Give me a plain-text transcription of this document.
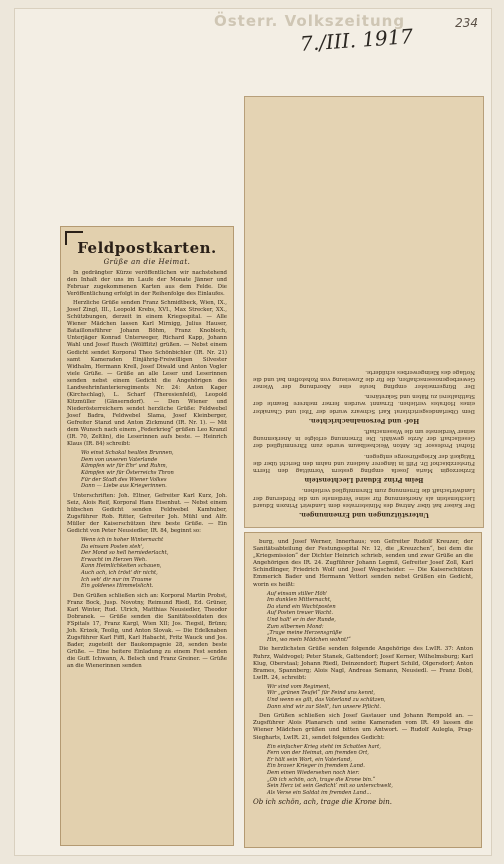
Österr. Volkszeitung	234
7./III. 1917
Unterstützungen und Ernennungen.

Der Kaiser hat über Antrag des Ministerrates dem Landwirt Prinzen Eduard Liechtenstein als Anerkennung für seine Verdienste um die Förderung der Landwirtschaft die Ernennung zum Ehrenmitglied verliehen.

Beim Prinz Eduard Liechtenstein

Erzherzogin Maria Josefa empfing gestern Vormittag den Herrn Fürsterzbischof Dr. Piffl in längerer Audienz und nahm den Bericht über die Tätigkeit der Kriegsfürsorge entgegen.

Hofrat Professor Dr. Anton Weichselbaum wurde zum Ehrenmitglied der Gesellschaft der Ärzte gewählt. Die Ernennung erfolgte in Anerkennung seiner Verdienste um die Wissenschaft.

Hof- und Personalnachrichten.

Dem Oberlandesgerichtsrat Karl Schwarz wurde der Titel und Charakter eines Hofrates verliehen. Ernannt wurden ferner mehrere Beamte der Statthalterei zu Räten und Sekretären.

Der Bürgermeister empfing heute eine Abordnung der Wiener Gewerbegenossenschaften, die für die Zuweisung von Rohstoffen bat und die Notlage des Kleingewerbes schilderte.

Feldpostkarten.
Grüße an die Heimat.

In gedrängter Kürze veröffentlichen wir nachstehend den Inhalt der uns im Laufe der Monate Jänner und Februar zugekommenen Karten aus dem Felde. Die Veröffentlichung erfolgt in der Reihenfolge des Einlaufes.

Herzliche Grüße senden Franz Schmidtbeck, Wien, IX., Josef Zingl, III., Leopold Krebs, XVI., Max Strecker, XX., Schützbungen, derzeit in einem Kriegsspital. — Alle Wiener Mädchen lassen Karl Mirnigg, Julius Hauser, Bataillonsführer Johann Böhm, Franz Knobloch, Unterjäger Konrad Unterweger, Richard Kapp, Johann Wahl und Josef Rusch (Wölfflitz) grüßen. — Nebst einem Gedicht sendet Korporal Theo Schönbichler (IR. Nr. 21) samt Kameraden Einjährig-Freiwilligen Silvester Widhalm, Hermann Krell, Josef Diwald und Anton Vogler viele Grüße. — Grüße an alle Leser und Leserinnen senden nebst einem Gedicht die Angehörigen des Landwehrinfanterieregiments Nr. 24: Anton Kager (Kirchschlag), L. Scharf (Theresienfeld), Leopold Kitzmüller (Gänserndorf). — Den Wiener und Niederösterreichern sendet herzliche Grüße: Feldwebel Josef Badra, Feldwebel Slama, Josef Kleinberger, Gefreiter Stanzl und Anton Zickmund (IR. Nr. 1). — Mit dem Wunsch nach einem „Federkrieg“ grüßen Leo Kranzl (IR. 70, Zeltlin), die Leserinnen aufs beste. — Heinrich Klaus (IR. 84) schreibt:

Wo einst Schakal heulten Brunnen,
Dem von unseren Vaterlande
Kämpfen wir für Ehr' und Ruhm,
Kämpfen wir für Österreichs Thron
Für der Stadt des Wiener Volkes
Dann — Liebe aus Kriegerinnen.

Unterschriften: Joh. Eltner, Gefreiter Karl Kurz, Joh. Seiz, Alois Reif, Korporal Hans Eisenhut. — Nebst einem hübschen Gedicht senden Feldwebel Kamhuber, Zugsführer Rob. Ritter, Gefreiter Joh. Mühl und Alfr. Müller der Kaiserschützen ihre beste Grüße. — Ein Gedicht von Peter Neusiedler, IR. 84, beginnt so:

Wenn ich in hoher Winternacht
Da einsam Posten steh',
Der Mond so hell herniederlacht,
Erwacht im Herzen Weh.
Kann Heimlichkeiten schauen,
Auch ach, ich tröst' dir nicht,
Ich seh' dir nur im Traume
Ein goldenes Himmelslicht.

Den Grüßen schließen sich an: Korporal Martin Probst, Franz Bock, Jusp. Novotny, Reimund Riedl, Ed. Grüner, Karl Winter, Rud. Ulrich, Matthias Neusiedler, Theodor Dobranek. — Grüße senden die Sanitätssoldaten des FSpitals 17, Franz Kargl, Wien XII; Jos. Tiegsil, Brünn; Joh. Krizek, Teolig, und Anton Slovak. — Die Edelknaben Zugsführer Karl Fiffl, Karl Habacht, Fritz Wauck und Jos. Bader, zugeteilt der Baukompagnie 28, senden beste Grüße. — Eine heitere Einladung zu einem Fest senden die Guff. Ichwann, A. Belsch und Franz Greiner. — Grüße an die Wienerinnen senden

burg, und Josef Werner, Innerhaus; von Gefreiter Rudolf Kreuzer, der Sanitätsabteilung der Festungsspital Nr. 12, die „Kreuzchen“, bei dem die „Kriegsmission“ der Dichter Heinrich schrieb, senden und zwar Grüße an die Angehörigen des IR. 24. Zugführer Johann Legmil, Gefreiter Josef Zoll, Karl Schindlinger, Friedrich Wolf und Josef Wegscheider. — Die Kaiserschützen Emmerich Bader und Hermann Vettori senden nebst Grüßen ein Gedicht, worin es heißt:

Auf einsam stiller Höh'
Im dunklen Mitternacht,
Da stand ein Wachtposten
Auf Posten treuer Wacht.
Und halt' er in der Runde,
Zum silbernen Mond:
„Trage meine Herzensgrüße
Hin, wo mein Mädchen wohnt!“

Die herzlichsten Grüße senden folgende Angehörige des LwIR. 37: Anton Ruhrz, Waldvogel; Peter Stanek, Gattendorf; Josef Kerner, Wilhelmsburg; Karl Klug, Oberstaal; Johann Riedl, Deinzendorf; Rupert Schild, Olgersdorf; Anton Brames, Spannberg; Alois Nagl, Andreas Semann, Neusiedl. — Franz Dobl, LwIR. 24, schreibt:

Wir sind vom Regiment,
Wir „grünen Teufel“ für Feind uns kennt,
Und wenn es gilt, das Vaterland zu schützen,
Dann sind wir zur Stell', tun unsere Pflicht.

Den Grüßen schließen sich Josef Gastauer und Johann Rempold an. — Zugsführer Alois Planarsch und seine Kameraden vom IR. 49 lassen die Wiener Mädchen grüßen und bitten um Antwort. — Rudolf Aulegla, Prag-Siegharts, LwIR. 21, sendet folgendes Gedicht:

Ein einfacher Krieg steht im Schatten hart,
Fern von der Heimat, am fremden Ort,
Er hält sein Wort, ein Vaterland,
Ein braver Krieger in fremdem Land.
Dem einen Wiedersehen noch hier:
„Ob ich schön, ach, trage die Krone bin.“
Sein Herz ist sein Gedicht‘ mit so unterschwelt,
Als Verse ein Soldat im fremden Land...
Ob ich schön, ach, trage die Krone bin.
